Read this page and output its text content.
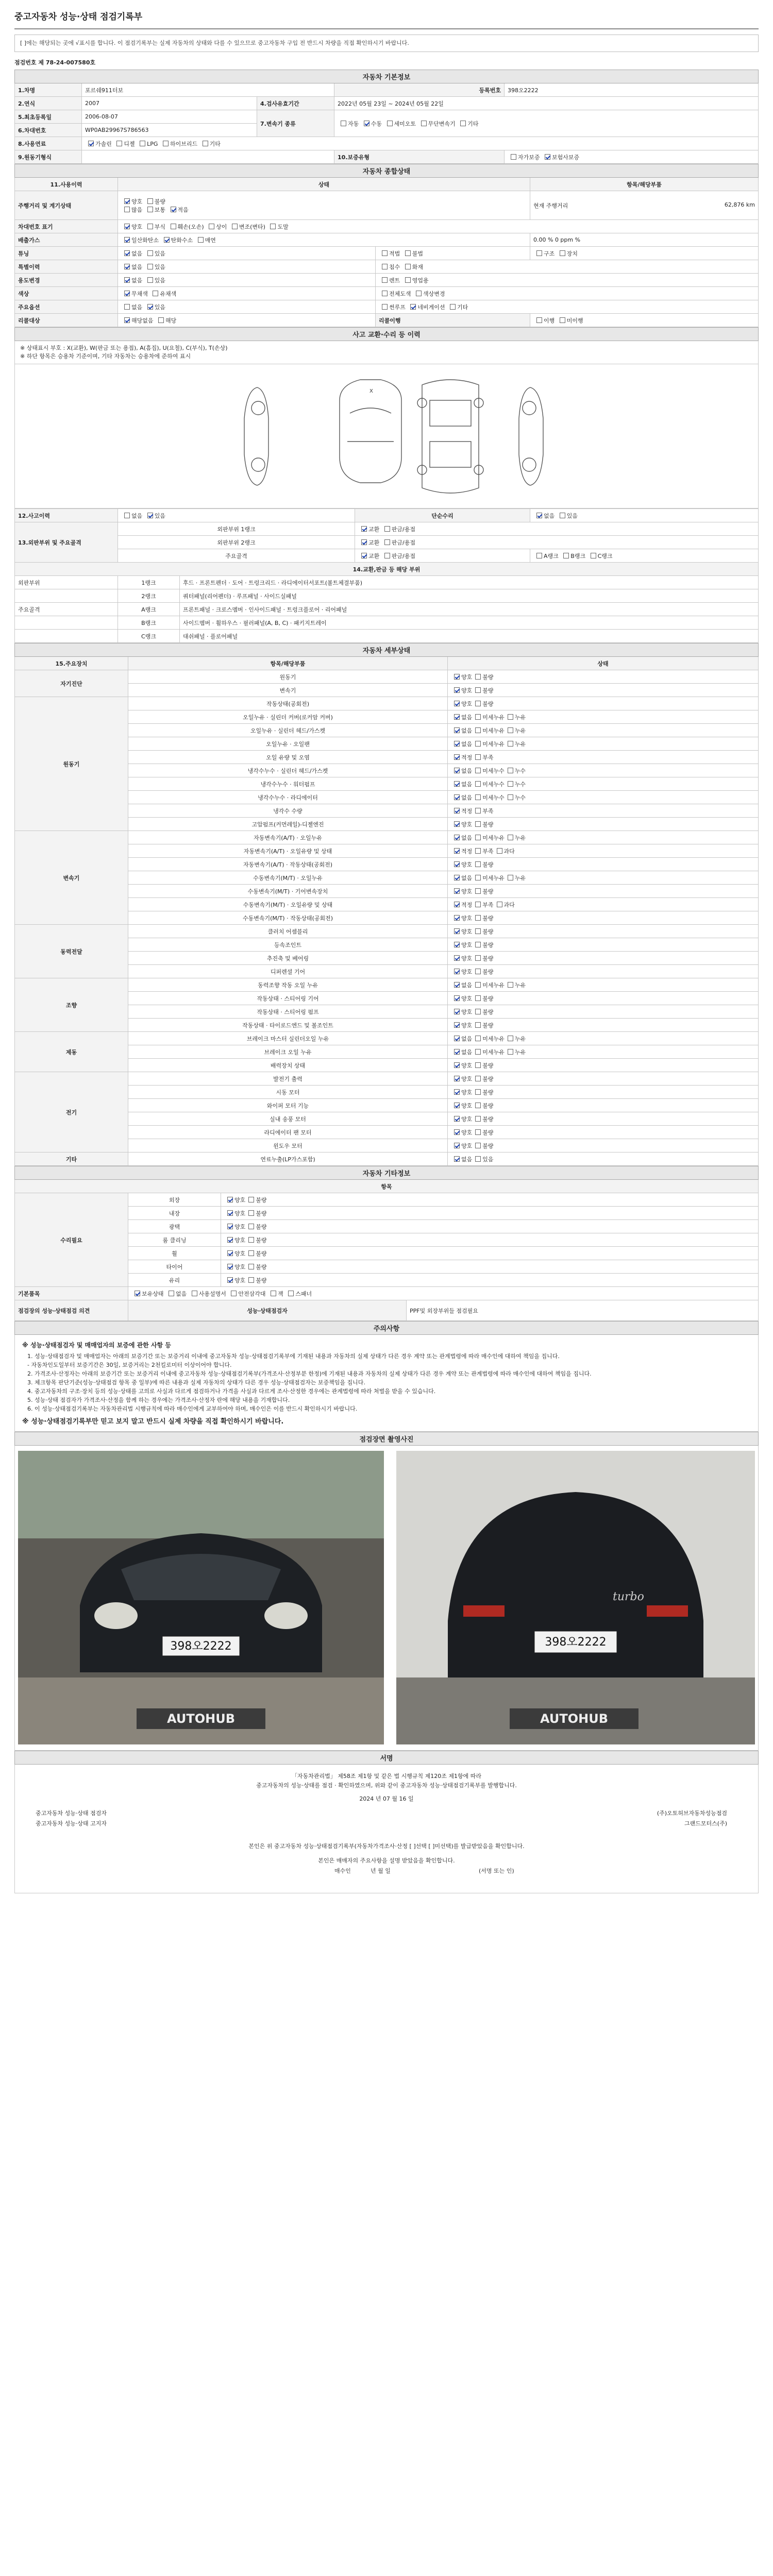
중고자동차 성능·상태 점검기록부
[ ]에는 해당되는 곳에 √표시를 합니다. 이 점검기록부는 실제 자동차의 상태와 다를 수 있으므로 중고자동차 구입 전 반드시 차량을 직접 확인하시기 바랍니다.
점검번호 제 78-24-007580호
자동차 기본정보				
1.차명	포르쉐911터보		등록번호	398오2222
2.연식	2007	4.검사유효기간	2022년 05월 23일 ~ 2024년 05월 22일	
5.최초등록일	2006-08-07	7.변속기 종류	자동 수동 세미오토 무단변속기 기타	
6.차대번호	WP0AB29967S786563			
8.사용연료	가솔린 디젤 LPG 하이브리드 기타			
9.원동기형식			10.보증유형	자가보증 보험사보증
자동차 종합상태			
11.사용이력	상태		항목/해당부품
주행거리 및 계기상태	양호 불량
많음 보통 적음		현재 주행거리 62,876 km

차대번호 표기	양호 부식 훼손(오손) 상이 변조(변타) 도말		
배출가스	일산화탄소 탄화수소 매연		0.00 % 0 ppm %
튜닝	없음 있음	적법 불법	구조 장치
특별이력	없음 있음	침수 화재	
용도변경	없음 있음	렌트 영업용	
색상	무채색 유채색	전체도색 색상변경	
주요옵션	없음 있음	썬루프 네비게이션 기타	
리콜대상	해당없음 해당	리콜이행	이행 미이행
사고 교환·수리 등 이력
※ 상태표시 부호 : X(교환), W(판금 또는 용접), A(흠집), U(요철), C(부식), T(손상)
※ 하단 항목은 승용차 기준이며, 기타 자동차는 승용차에 준하여 표시
X
12.사고이력	없음 있음		단순수리	없음 있음
13.외판부위 및 주요골격	외판부위 1랭크		교환 판금/용접	
	외판부위 2랭크		교환 판금/용접	
	주요골격		교환 판금/용접	A랭크 B랭크 C랭크
14.교환,판금 등 해당 부위				
외판부위	1랭크	후드 · 프론트펜더 · 도어 · 트렁크리드 · 라디에이터서포트(볼트체결부품)		
	2랭크	쿼터패널(리어펜더) · 루프패널 · 사이드실패널		
주요골격	A랭크	프론트패널 · 크로스멤버 · 인사이드패널 · 트렁크플로어 · 리어패널		
	B랭크	사이드멤버 · 휠하우스 · 필러패널(A, B, C) · 패키지트레이		
	C랭크	대쉬패널 · 플로어패널		
자동차 세부상태		
15.주요장치	항목/해당부품	상태
자기진단	원동기	양호 불량
	변속기	양호 불량
원동기	작동상태(공회전)	양호 불량
	오일누유 · 실린더 커버(로커암 커버)	없음 미세누유 누유
	오일누유 · 실린더 헤드/가스켓	없음 미세누유 누유
	오일누유 · 오일팬	없음 미세누유 누유
	오일 유량 및 오염	적정 부족
	냉각수누수 · 실린더 헤드/가스켓	없음 미세누수 누수
	냉각수누수 · 워터펌프	없음 미세누수 누수
	냉각수누수 · 라디에이터	없음 미세누수 누수
	냉각수 수량	적정 부족
	고압펌프(커먼레일)-디젤엔진	양호 불량
변속기	자동변속기(A/T) · 오일누유	없음 미세누유 누유
	자동변속기(A/T) · 오일유량 및 상태	적정 부족 과다
	자동변속기(A/T) · 작동상태(공회전)	양호 불량
	수동변속기(M/T) · 오일누유	없음 미세누유 누유
	수동변속기(M/T) · 기어변속장치	양호 불량
	수동변속기(M/T) · 오일유량 및 상태	적정 부족 과다
	수동변속기(M/T) · 작동상태(공회전)	양호 불량
동력전달	클러치 어셈블리	양호 불량
	등속조인트	양호 불량
	추진축 및 베어링	양호 불량
	디퍼렌셜 기어	양호 불량
조향	동력조향 작동 오일 누유	없음 미세누유 누유
	작동상태 · 스티어링 기어	양호 불량
	작동상태 · 스티어링 펌프	양호 불량
	작동상태 · 타이로드엔드 및 볼조인트	양호 불량
제동	브레이크 마스터 실린더오일 누유	없음 미세누유 누유
	브레이크 오일 누유	없음 미세누유 누유
	배력장치 상태	양호 불량
전기	발전기 출력	양호 불량
	시동 모터	양호 불량
	와이퍼 모터 기능	양호 불량
	실내 송풍 모터	양호 불량
	라디에이터 팬 모터	양호 불량
	윈도우 모터	양호 불량
기타	연료누출(LP가스포함)	없음 있음
자동차 기타정보			
항목			
수리필요	외장	양호 불량	
	내장	양호 불량	
	광택	양호 불량	
	룸 클리닝	양호 불량	
	휠	양호 불량	
	타이어	양호 불량	
	유리	양호 불량	
기본품목	보유상태 없음 사용설명서 안전삼각대 잭 스패너		
점검장의 성능·상태점검 의견	성능·상태점검자		PPF및 외장부위들 점검필요
주의사항
※ 성능·상태점검자 및 매매업자의 보증에 관한 사항 등

1. 성능·상태점검자 및 매매업자는 아래의 보증기간 또는 보증거리 이내에 중고자동차 성능·상태점검기록부에 기재된 내용과 자동차의 실제 상태가 다른 경우 계약 또는 관계법령에 따라 매수인에 대하여 책임을 집니다.

- 자동차인도일부터 보증기간은 30일, 보증거리는 2천킬로미터 이상이어야 합니다.

2. 가격조사·산정자는 아래의 보증기간 또는 보증거리 이내에 중고자동차 성능·상태점검기록부(가격조사·산정부분 한정)에 기재된 내용과 자동차의 실제 상태가 다른 경우 계약 또는 관계법령에 따라 매수인에 대하여 책임을 집니다.

3. 체크항목 판단기준(성능·상태점검 항목 중 일부)에 따른 내용과 실제 자동차의 상태가 다른 경우 성능·상태점검자는 보증책임을 집니다.

4. 중고자동차의 구조·장치 등의 성능·상태를 고의로 사실과 다르게 점검하거나 가격을 사실과 다르게 조사·산정한 경우에는 관계법령에 따라 처벌을 받을 수 있습니다.

5. 성능·상태 점검자가 가격조사·산정을 함께 하는 경우에는 가격조사·산정자 란에 해당 내용을 기재합니다.

6. 이 성능·상태점검기록부는 자동차관리법 시행규칙에 따라 매수인에게 교부하여야 하며, 매수인은 이를 반드시 확인하시기 바랍니다.

※ 성능·상태점검기록부만 믿고 보지 말고 반드시 실제 차량을 직접 확인하시기 바랍니다.
점검장면 촬영사진
398오2222
AUTOHUB
turbo
398오2222
AUTOHUB
서명
「자동차관리법」 제58조 제1항 및 같은 법 시행규칙 제120조 제1항에 따라
중고자동차의 성능·상태를 점검 · 확인하였으며, 위와 같이 중고자동차 성능·상태점검기록부를 발행합니다.
2024 년 07 월 16 일
중고자동차 성능·상태 점검자	(주)오토허브자동차성능점검
중고자동차 성능·상태 고지자	그랜드모터스(주)
본인은 위 중고자동차 성능·상태점검기록부(자동차가격조사·산정 [ ]선택 [ ]미선택)를 발급받았음을 확인합니다.
본인은 매매자의 주요사항을 설명 받았음을 확인합니다.
매수인	년 월 일	(서명 또는 인)
